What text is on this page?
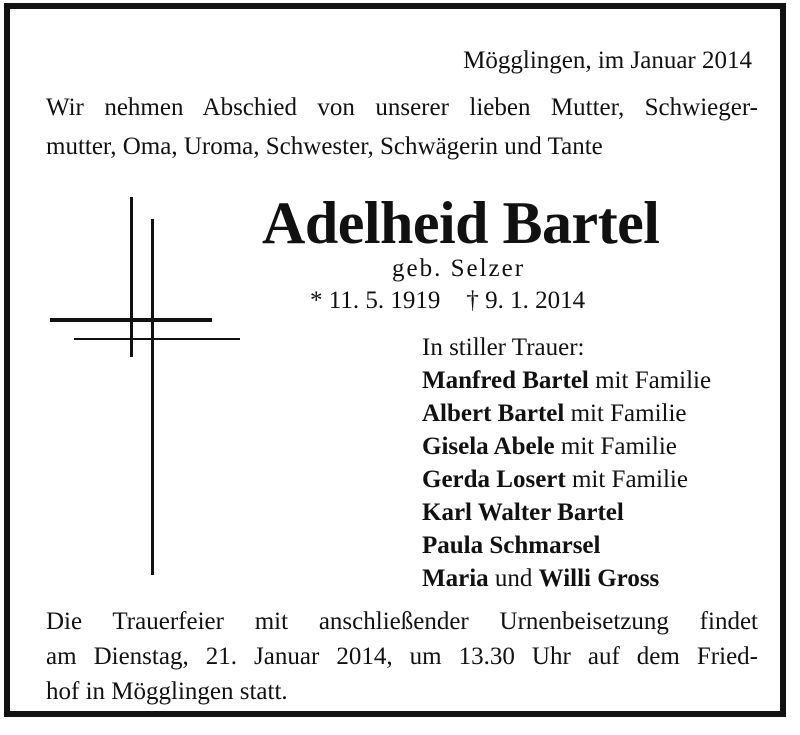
Mögglingen, im Januar 2014
Wir nehmen Abschied von unserer lieben Mutter, Schwieger-
mutter, Oma, Uroma, Schwester, Schwägerin und Tante
Adelheid Bartel
geb. Selzer
* 11. 5. 1919 † 9. 1. 2014
In stiller Trauer:
Manfred Bartel mit Familie
Albert Bartel mit Familie
Gisela Abele mit Familie
Gerda Losert mit Familie
Karl Walter Bartel
Paula Schmarsel
Maria und Willi Gross
Die Trauerfeier mit anschließender Urnenbeisetzung findet
am Dienstag, 21. Januar 2014, um 13.30 Uhr auf dem Fried-
hof in Mögglingen statt.
